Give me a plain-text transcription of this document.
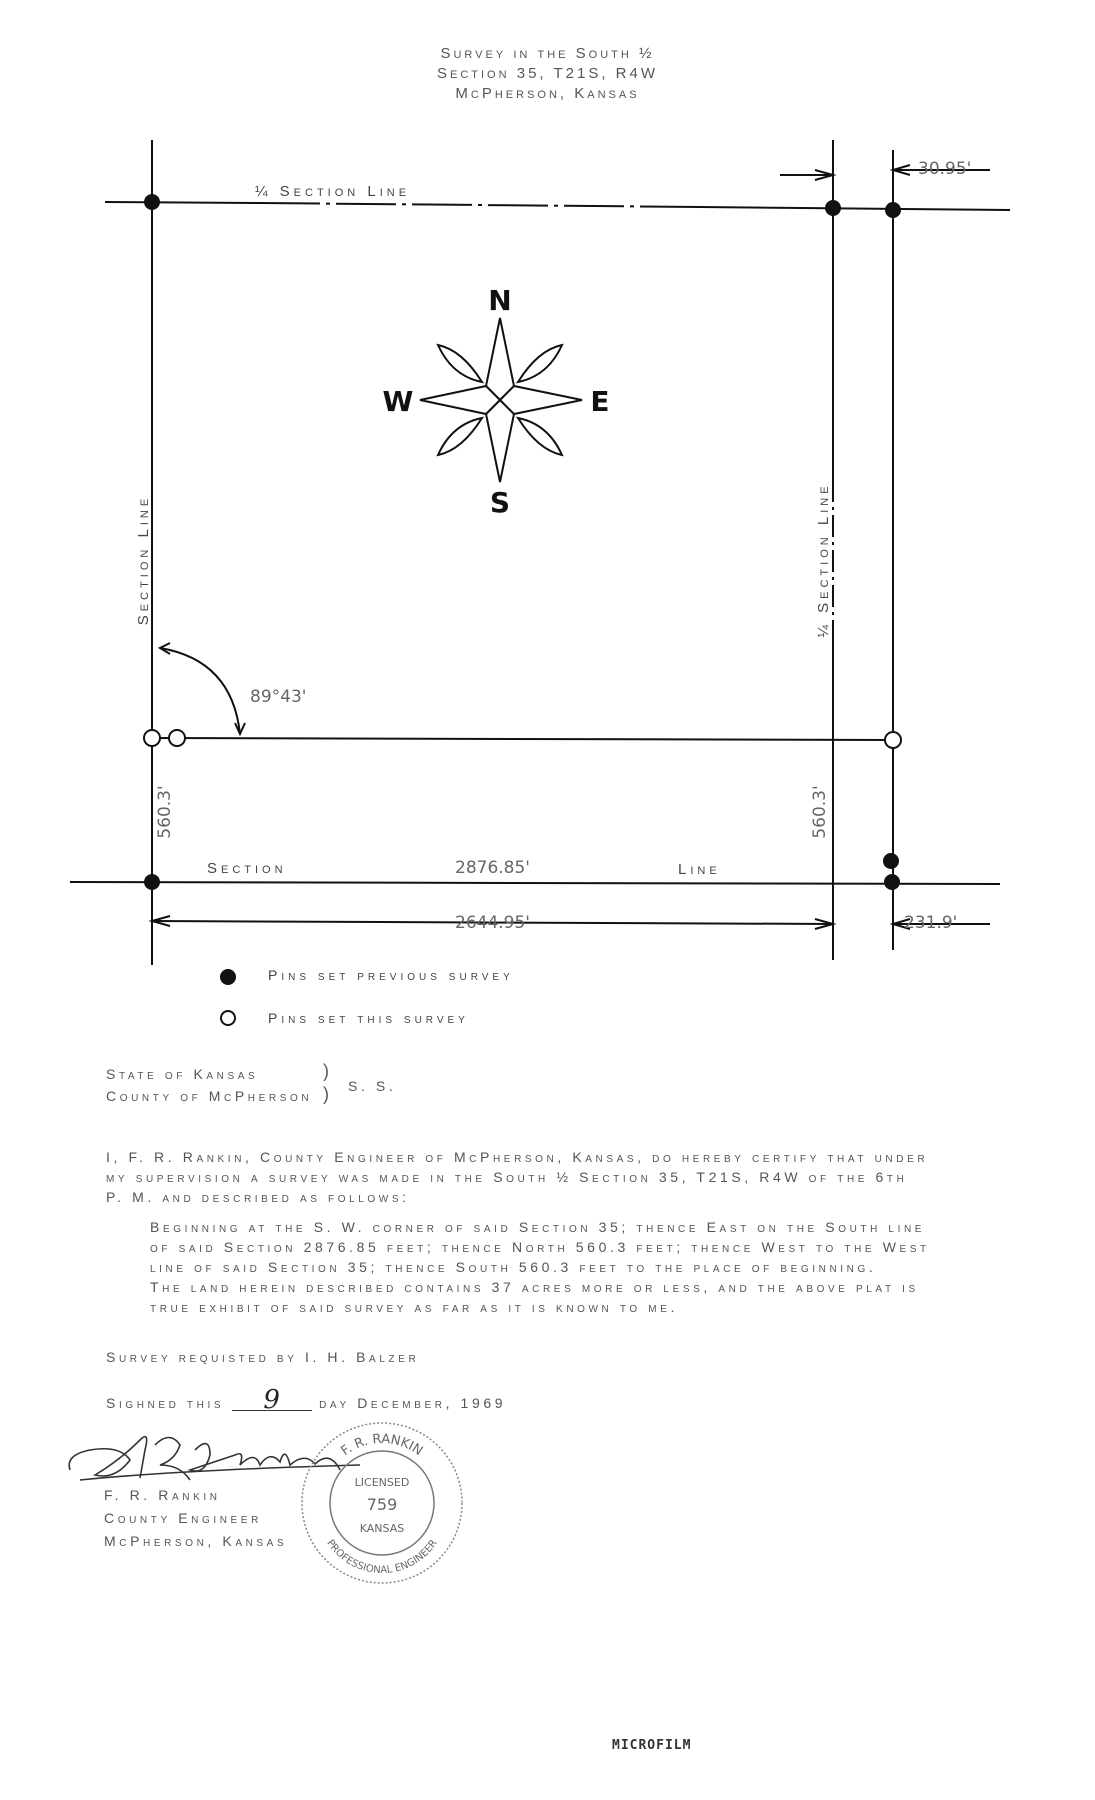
Survey in the South ½
Section 35, T21S, R4W
McPherson, Kansas
N
S
W	E
¼ Section Line
Section Line	¼ Section Line
Section	Line
30.95'
89°43'
560.3'	560.3'
2876.85'
2644.95'	231.9'
Pins set previous survey
Pins set this survey
State of Kansas
County of McPherson
)
) S. S.
I, F. R. Rankin, County Engineer of McPherson, Kansas, do hereby certify that under
my supervision a survey was made in the South ½ Section 35, T21S, R4W of the 6th
P. M. and described as follows:
Beginning at the S. W. corner of said Section 35; thence East on the South line
of said Section 2876.85 feet; thence North 560.3 feet; thence West to the West
line of said Section 35; thence South 560.3 feet to the place of beginning.
The land herein described contains 37 acres more or less, and the above plat is
true exhibit of said survey as far as it is known to me.
Survey requisted by I. H. Balzer
Sighned this 9	day December, 1969
F. R. Rankin
County Engineer
McPherson, Kansas
F. R. RANKIN
PROFESSIONAL ENGINEER
LICENSED
759
KANSAS
MICROFILM
